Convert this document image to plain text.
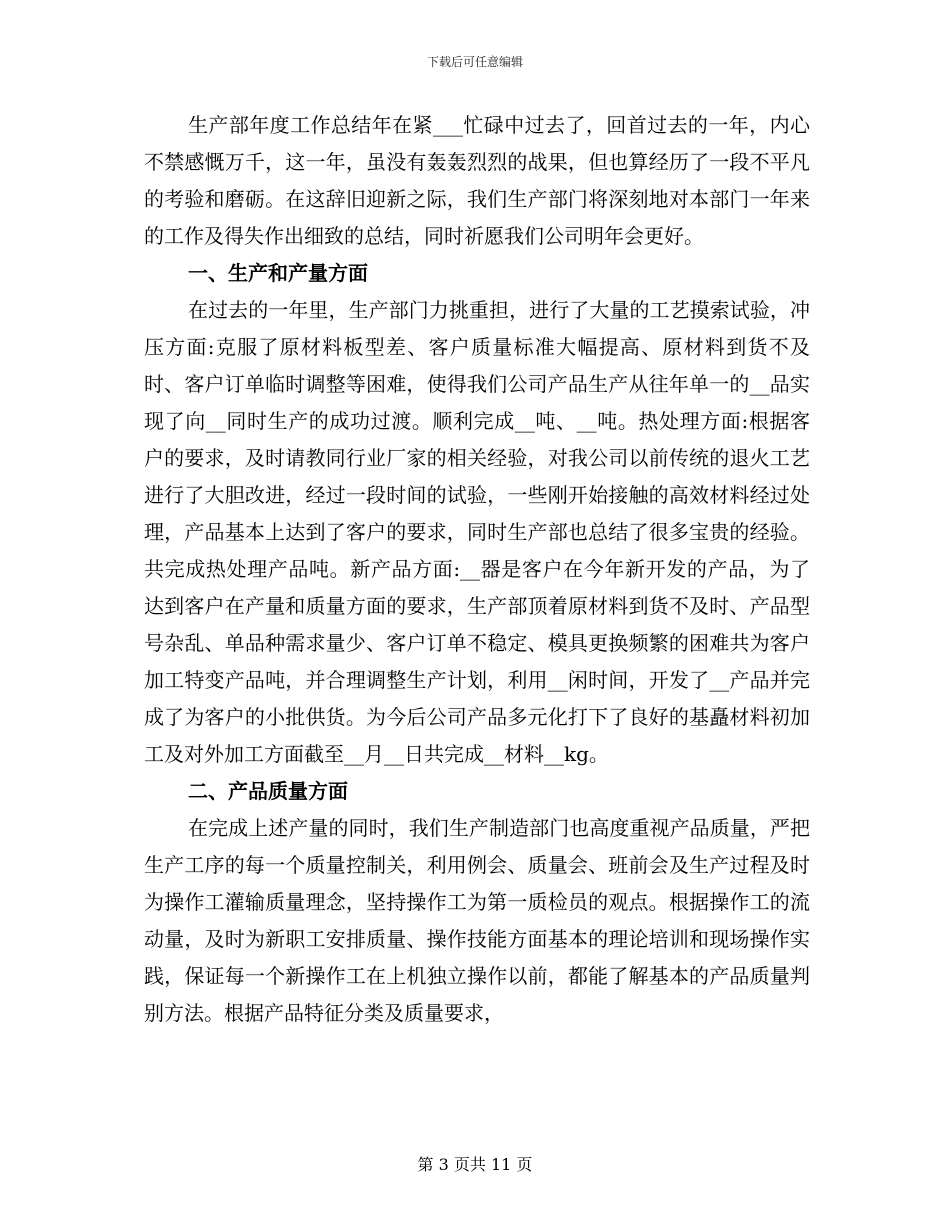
下载后可任意编辑

生产部年度工作总结年在紧___忙碌中过去了，回首过去的一年，内心不禁感慨万千，这一年，虽没有轰轰烈烈的战果，但也算经历了一段不平凡的考验和磨砺。在这辞旧迎新之际，我们生产部门将深刻地对本部门一年来的工作及得失作出细致的总结，同时祈愿我们公司明年会更好。

一、生产和产量方面

在过去的一年里，生产部门力挑重担，进行了大量的工艺摸索试验，冲压方面:克服了原材料板型差、客户质量标准大幅提高、原材料到货不及时、客户订单临时调整等困难，使得我们公司产品生产从往年单一的__品实现了向__同时生产的成功过渡。顺利完成__吨、__吨。热处理方面:根据客户的要求，及时请教同行业厂家的相关经验，对我公司以前传统的退火工艺进行了大胆改进，经过一段时间的试验，一些刚开始接触的高效材料经过处理，产品基本上达到了客户的要求，同时生产部也总结了很多宝贵的经验。共完成热处理产品吨。新产品方面:__器是客户在今年新开发的产品，为了达到客户在产量和质量方面的要求，生产部顶着原材料到货不及时、产品型号杂乱、单品种需求量少、客户订单不稳定、模具更换频繁的困难共为客户加工特变产品吨，并合理调整生产计划，利用__闲时间，开发了__产品并完成了为客户的小批供货。为今后公司产品多元化打下了良好的基矗材料初加工及对外加工方面截至__月__日共完成__材料__kg。

二、产品质量方面

在完成上述产量的同时，我们生产制造部门也高度重视产品质量，严把生产工序的每一个质量控制关，利用例会、质量会、班前会及生产过程及时为操作工灌输质量理念，坚持操作工为第一质检员的观点。根据操作工的流动量，及时为新职工安排质量、操作技能方面基本的理论培训和现场操作实践，保证每一个新操作工在上机独立操作以前，都能了解基本的产品质量判别方法。根据产品特征分类及质量要求，

第 3 页共 11 页
